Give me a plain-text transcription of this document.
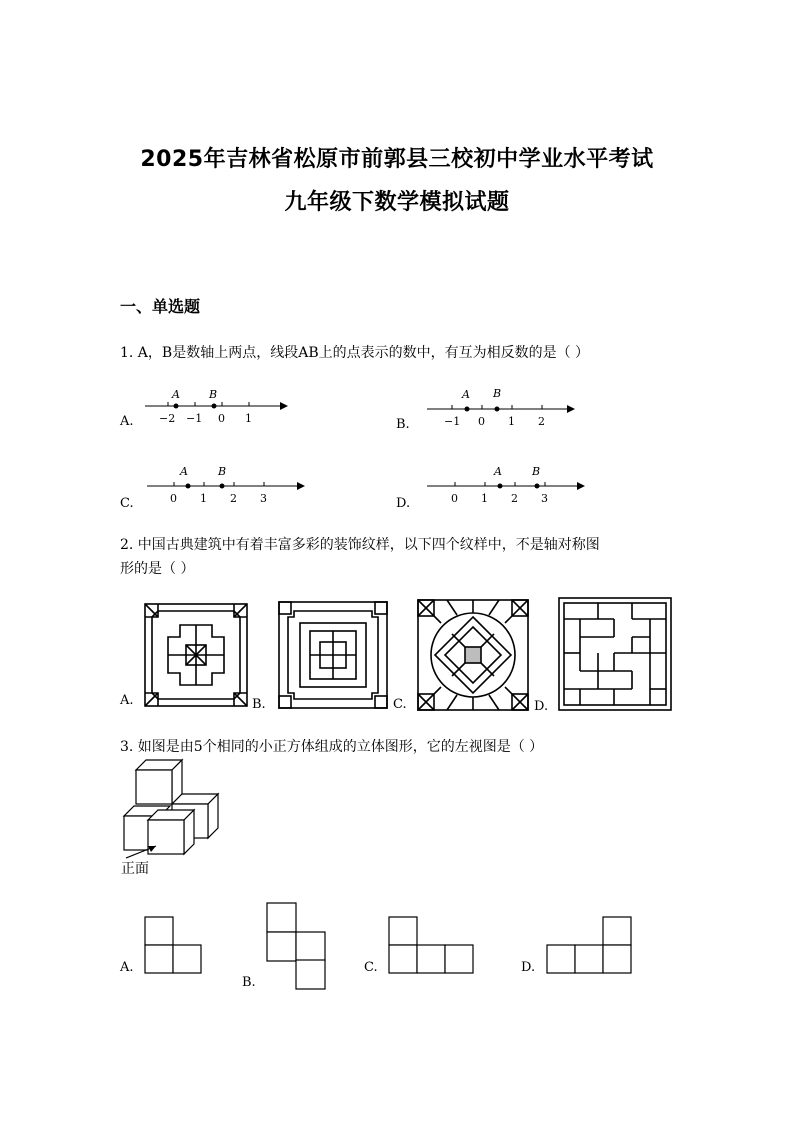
2025年吉林省松原市前郭县三校初中学业水平考试
九年级下数学模拟试题
一、单选题
1. A，B是数轴上两点，线段AB上的点表示的数中，有互为相反数的是（ ）
A.
A	B
−2 −1 0 1	B.
A B
−1 0 1 2
C.
A	B
0 1 2 3	D.
A	B
0 1 2 3
2. 中国古典建筑中有着丰富多彩的装饰纹样，以下四个纹样中，不是轴对称图
形的是（ ）
A.	B.	C.	D.
3. 如图是由5个相同的小正方体组成的立体图形，它的左视图是（ ）
正面
A.
B.
C.	D.
